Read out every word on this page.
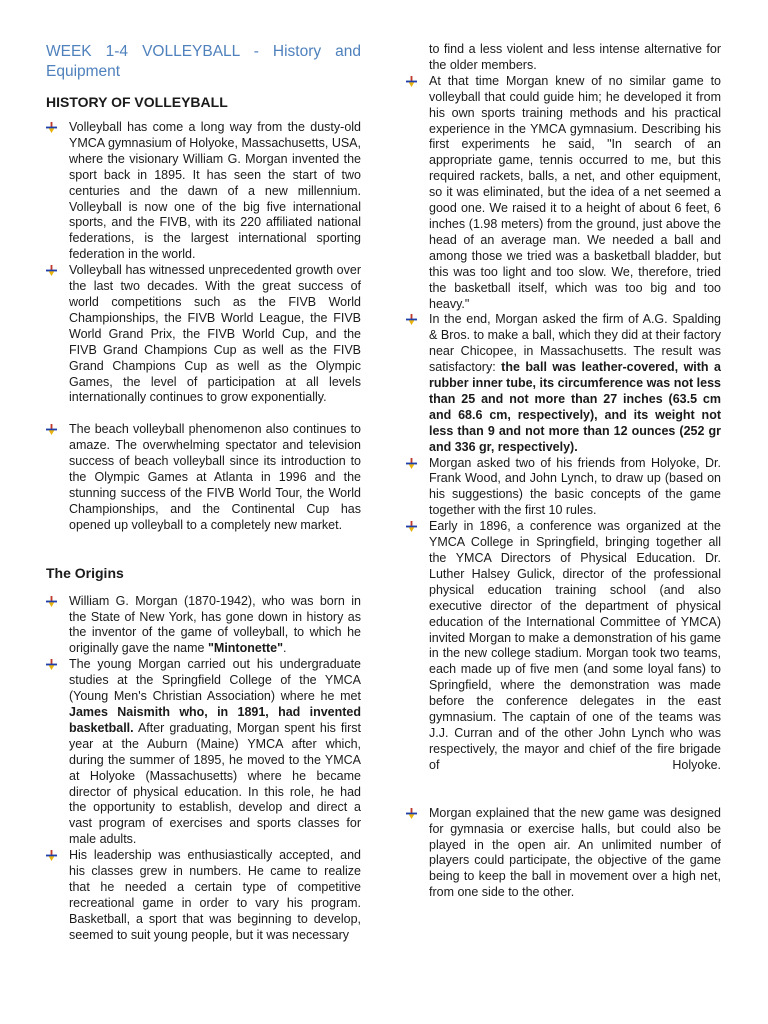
WEEK 1-4 VOLLEYBALL - History and Equipment
HISTORY OF VOLLEYBALL
Volleyball has come a long way from the dusty-old YMCA gymnasium of Holyoke, Massachusetts, USA, where the visionary William G. Morgan invented the sport back in 1895. It has seen the start of two centuries and the dawn of a new millennium. Volleyball is now one of the big five international sports, and the FIVB, with its 220 affiliated national federations, is the largest international sporting federation in the world.
Volleyball has witnessed unprecedented growth over the last two decades. With the great success of world competitions such as the FIVB World Championships, the FIVB World League, the FIVB World Grand Prix, the FIVB World Cup, and the FIVB Grand Champions Cup as well as the FIVB Grand Champions Cup as well as the Olympic Games, the level of participation at all levels internationally continues to grow exponentially.
The beach volleyball phenomenon also continues to amaze. The overwhelming spectator and television success of beach volleyball since its introduction to the Olympic Games at Atlanta in 1996 and the stunning success of the FIVB World Tour, the World Championships, and the Continental Cup has opened up volleyball to a completely new market.
The Origins
William G. Morgan (1870-1942), who was born in the State of New York, has gone down in history as the inventor of the game of volleyball, to which he originally gave the name "Mintonette".
The young Morgan carried out his undergraduate studies at the Springfield College of the YMCA (Young Men's Christian Association) where he met James Naismith who, in 1891, had invented basketball. After graduating, Morgan spent his first year at the Auburn (Maine) YMCA after which, during the summer of 1895, he moved to the YMCA at Holyoke (Massachusetts) where he became director of physical education. In this role, he had the opportunity to establish, develop and direct a vast program of exercises and sports classes for male adults.
His leadership was enthusiastically accepted, and his classes grew in numbers. He came to realize that he needed a certain type of competitive recreational game in order to vary his program. Basketball, a sport that was beginning to develop, seemed to suit young people, but it was necessary

to find a less violent and less intense alternative for the older members.

At that time Morgan knew of no similar game to volleyball that could guide him; he developed it from his own sports training methods and his practical experience in the YMCA gymnasium. Describing his first experiments he said, "In search of an appropriate game, tennis occurred to me, but this required rackets, balls, a net, and other equipment, so it was eliminated, but the idea of a net seemed a good one. We raised it to a height of about 6 feet, 6 inches (1.98 meters) from the ground, just above the head of an average man. We needed a ball and among those we tried was a basketball bladder, but this was too light and too slow. We, therefore, tried the basketball itself, which was too big and too heavy."
In the end, Morgan asked the firm of A.G. Spalding & Bros. to make a ball, which they did at their factory near Chicopee, in Massachusetts. The result was satisfactory: the ball was leather-covered, with a rubber inner tube, its circumference was not less than 25 and not more than 27 inches (63.5 cm and 68.6 cm, respectively), and its weight not less than 9 and not more than 12 ounces (252 gr and 336 gr, respectively).
Morgan asked two of his friends from Holyoke, Dr. Frank Wood, and John Lynch, to draw up (based on his suggestions) the basic concepts of the game together with the first 10 rules.
Early in 1896, a conference was organized at the YMCA College in Springfield, bringing together all the YMCA Directors of Physical Education. Dr. Luther Halsey Gulick, director of the professional physical education training school (and also executive director of the department of physical education of the International Committee of YMCA) invited Morgan to make a demonstration of his game in the new college stadium. Morgan took two teams, each made up of five men (and some loyal fans) to Springfield, where the demonstration was made before the conference delegates in the east gymnasium. The captain of one of the teams was J.J. Curran and of the other John Lynch who was respectively, the mayor and chief of the fire brigade of Holyoke.
Morgan explained that the new game was designed for gymnasia or exercise halls, but could also be played in the open air. An unlimited number of players could participate, the objective of the game being to keep the ball in movement over a high net, from one side to the other.
